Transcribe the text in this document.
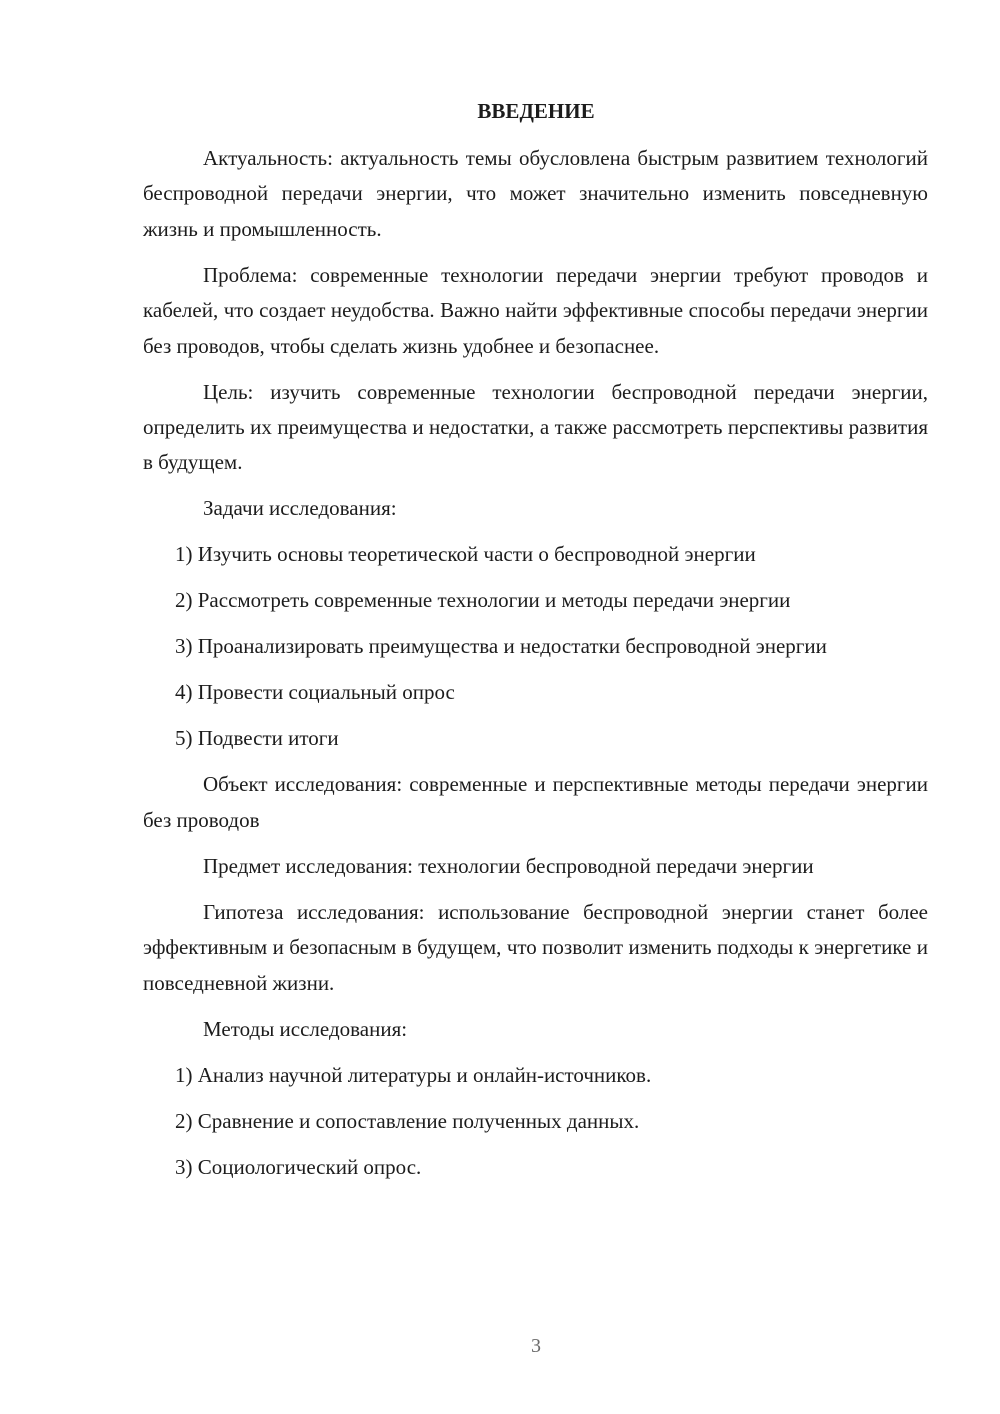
ВВЕДЕНИЕ

Актуальность: актуальность темы обусловлена быстрым развитием технологий беспроводной передачи энергии, что может значительно изменить повседневную жизнь и промышленность.

Проблема: современные технологии передачи энергии требуют проводов и кабелей, что создает неудобства. Важно найти эффективные способы передачи энергии без проводов, чтобы сделать жизнь удобнее и безопаснее.

Цель: изучить современные технологии беспроводной передачи энергии, определить их преимущества и недостатки, а также рассмотреть перспективы развития в будущем.

Задачи исследования:

1) Изучить основы теоретической части о беспроводной энергии

2) Рассмотреть современные технологии и методы передачи энергии

3) Проанализировать преимущества и недостатки беспроводной энергии

4) Провести социальный опрос

5) Подвести итоги

Объект исследования: современные и перспективные методы передачи энергии без проводов

Предмет исследования: технологии беспроводной передачи энергии

Гипотеза исследования: использование беспроводной энергии станет более эффективным и безопасным в будущем, что позволит изменить подходы к энергетике и повседневной жизни.

Методы исследования:

1) Анализ научной литературы и онлайн-источников.

2) Сравнение и сопоставление полученных данных.

3) Социологический опрос.

3
